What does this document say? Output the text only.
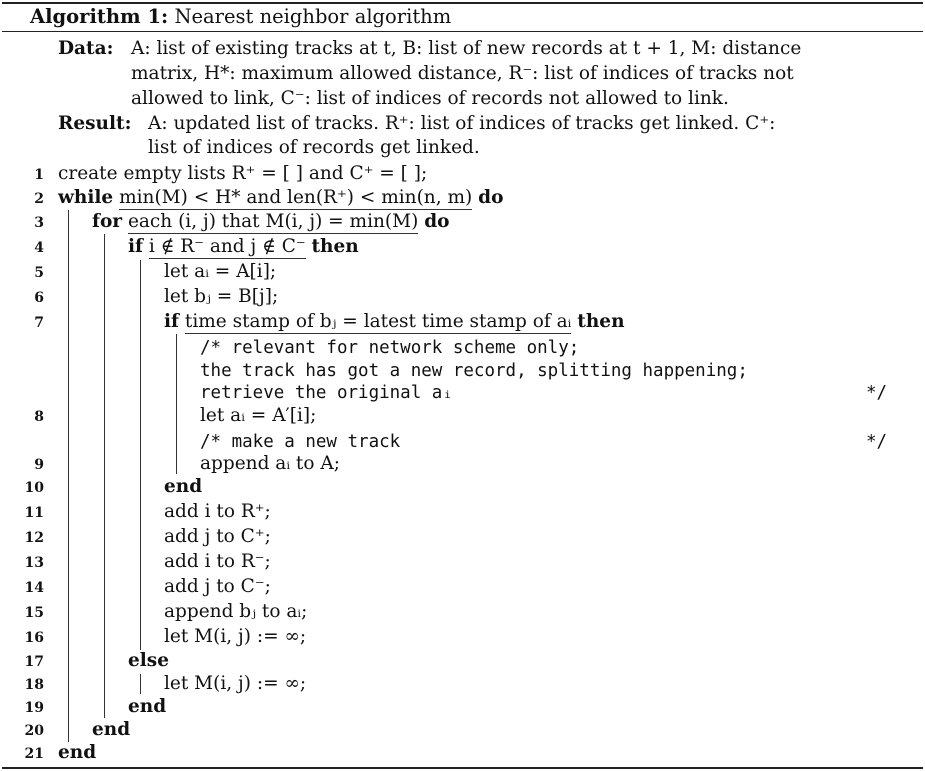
Algorithm 1: Nearest neighbor algorithm
Data: A: list of existing tracks at t, B: list of new records at t + 1, M: distance
matrix, H*: maximum allowed distance, R⁻: list of indices of tracks not
allowed to link, C⁻: list of indices of records not allowed to link.
Result: A: updated list of tracks. R⁺: list of indices of tracks get linked. C⁺:
list of indices of records get linked.
1 create empty lists R⁺ = [ ] and C⁺ = [ ];
2 while min(M) < H* and len(R⁺) < min(n, m) do
3	for each (i, j) that M(i, j) = min(M) do
4	if i ∉ R⁻ and j ∉ C⁻ then
5	let aᵢ = A[i];
6	let bⱼ = B[j];
7	if time stamp of bⱼ = latest time stamp of aᵢ then
/* relevant for network scheme only;
the track has got a new record, splitting happening;
retrieve the original aᵢ	*/
8	let aᵢ = A′[i];
/* make a new track	*/
9	append aᵢ to A;
10	end
11	add i to R⁺;
12	add j to C⁺;
13	add i to R⁻;
14	add j to C⁻;
15	append bⱼ to aᵢ;
16	let M(i, j) := ∞;
17	else
18	let M(i, j) := ∞;
19	end
20	end
21 end
